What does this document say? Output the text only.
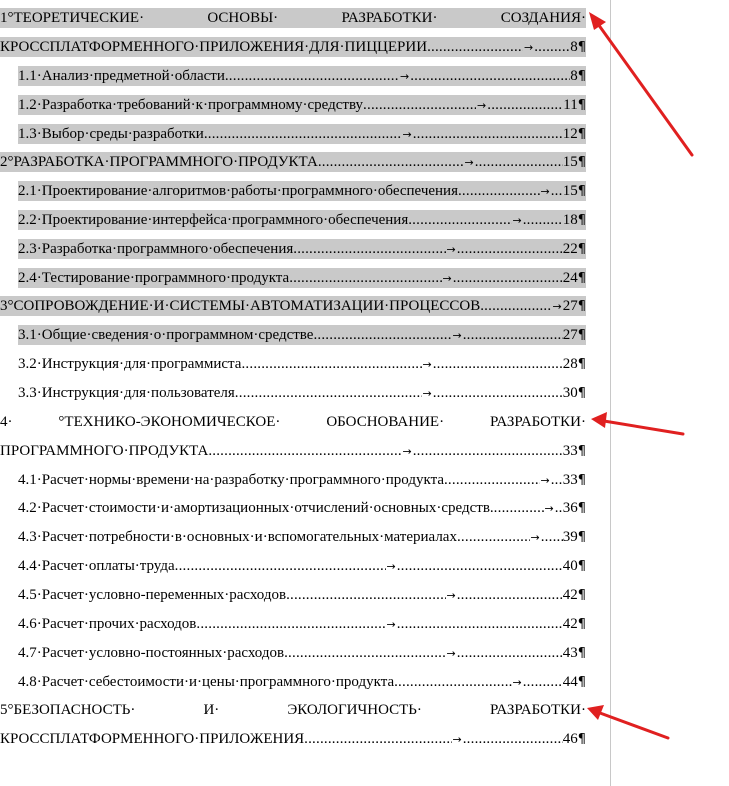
1°ТЕОРЕТИЧЕСКИЕ·	ОСНОВЫ·	РАЗРАБОТКИ·	СОЗДАНИЯ·
КРОССПЛАТФОРМЕННОГО·ПРИЛОЖЕНИЯ·ДЛЯ·ПИЦЦЕРИИ .....	→ ..... 8 ¶
1.1·Анализ·предметной·области .....	→ .....	8 ¶
1.2·Разработка·требований·к·программному·средству .....	→ .....	11 ¶
1.3·Выбор·среды·разработки .....	→ .....	12 ¶
2°РАЗРАБОТКА·ПРОГРАММНОГО·ПРОДУКТА .....	→ .....	15 ¶
2.1·Проектирование·алгоритмов·работы·программного·обеспечения .....	→ ..... 15 ¶
2.2·Проектирование·интерфейса·программного·обеспечения .....	→ .....	18 ¶
2.3·Разработка·программного·обеспечения .....	→ .....	22 ¶
2.4·Тестирование·программного·продукта .....	→ .....	24 ¶
3°СОПРОВОЖДЕНИЕ·И·СИСТЕМЫ·АВТОМАТИЗАЦИИ·ПРОЦЕССОВ .....	→ 27 ¶
3.1·Общие·сведения·о·программном·средстве .....	→ .....	27 ¶
3.2·Инструкция·для·программиста .....	→ .....	28 ¶
3.3·Инструкция·для·пользователя .....	→ .....	30 ¶
4·	°ТЕХНИКО-ЭКОНОМИЧЕСКОЕ·	ОБОСНОВАНИЕ·	РАЗРАБОТКИ·
ПРОГРАММНОГО·ПРОДУКТА .....	→ .....	33 ¶
4.1·Расчет·нормы·времени·на·разработку·программного·продукта .....	→ ..... 33 ¶
4.2·Расчет·стоимости·и·амортизационных·отчислений·основных·средств. .....	→ ..... 36 ¶
4.3·Расчет·потребности·в·основных·и·вспомогательных·материалах .....	→ ..... 39 ¶
4.4·Расчет·оплаты·труда .....	→ .....	40 ¶
4.5·Расчет·условно-переменных·расходов .....	→ .....	42 ¶
4.6·Расчет·прочих·расходов .....	→ .....	42 ¶
4.7·Расчет·условно-постоянных·расходов .....	→ .....	43 ¶
4.8·Расчет·себестоимости·и·цены·программного·продукта .....	→ .....	44 ¶
5°БЕЗОПАСНОСТЬ·	И·	ЭКОЛОГИЧНОСТЬ·	РАЗРАБОТКИ·
КРОССПЛАТФОРМЕННОГО·ПРИЛОЖЕНИЯ .....	→ .....	46 ¶
